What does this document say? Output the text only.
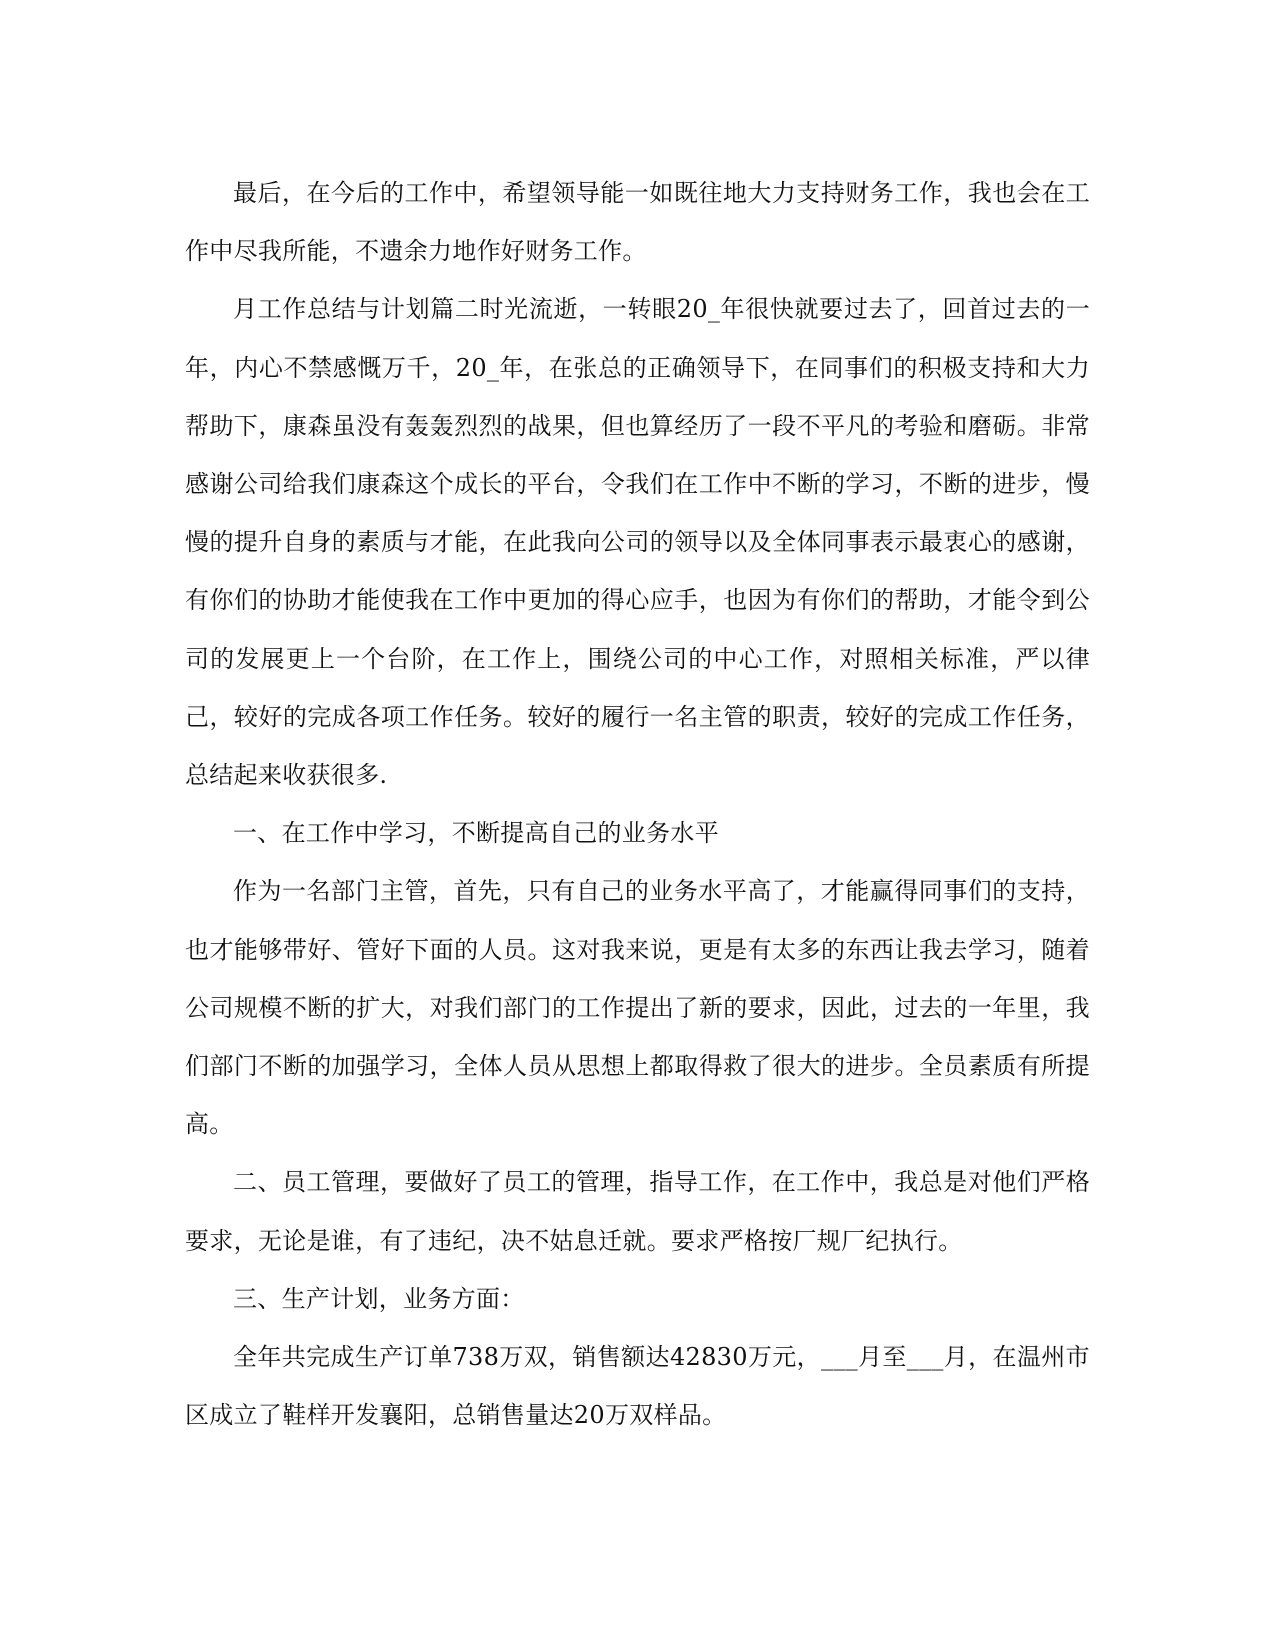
最后，在今后的工作中，希望领导能一如既往地大力支持财务工作，我也会在工作中尽我所能，不遗余力地作好财务工作。

月工作总结与计划篇二时光流逝，一转眼20_年很快就要过去了，回首过去的一年，内心不禁感慨万千，20_年，在张总的正确领导下，在同事们的积极支持和大力帮助下，康森虽没有轰轰烈烈的战果，但也算经历了一段不平凡的考验和磨砺。非常感谢公司给我们康森这个成长的平台，令我们在工作中不断的学习，不断的进步，慢慢的提升自身的素质与才能，在此我向公司的领导以及全体同事表示最衷心的感谢，有你们的协助才能使我在工作中更加的得心应手，也因为有你们的帮助，才能令到公司的发展更上一个台阶，在工作上，围绕公司的中心工作，对照相关标准，严以律己，较好的完成各项工作任务。较好的履行一名主管的职责，较好的完成工作任务，总结起来收获很多.

一、在工作中学习，不断提高自己的业务水平

作为一名部门主管，首先，只有自己的业务水平高了，才能赢得同事们的支持，也才能够带好、管好下面的人员。这对我来说，更是有太多的东西让我去学习，随着公司规模不断的扩大，对我们部门的工作提出了新的要求，因此，过去的一年里，我们部门不断的加强学习，全体人员从思想上都取得救了很大的进步。全员素质有所提高。

二、员工管理，要做好了员工的管理，指导工作，在工作中，我总是对他们严格要求，无论是谁，有了违纪，决不姑息迁就。要求严格按厂规厂纪执行。

三、生产计划，业务方面：

全年共完成生产订单738万双，销售额达42830万元，___月至___月，在温州市区成立了鞋样开发襄阳，总销售量达20万双样品。
